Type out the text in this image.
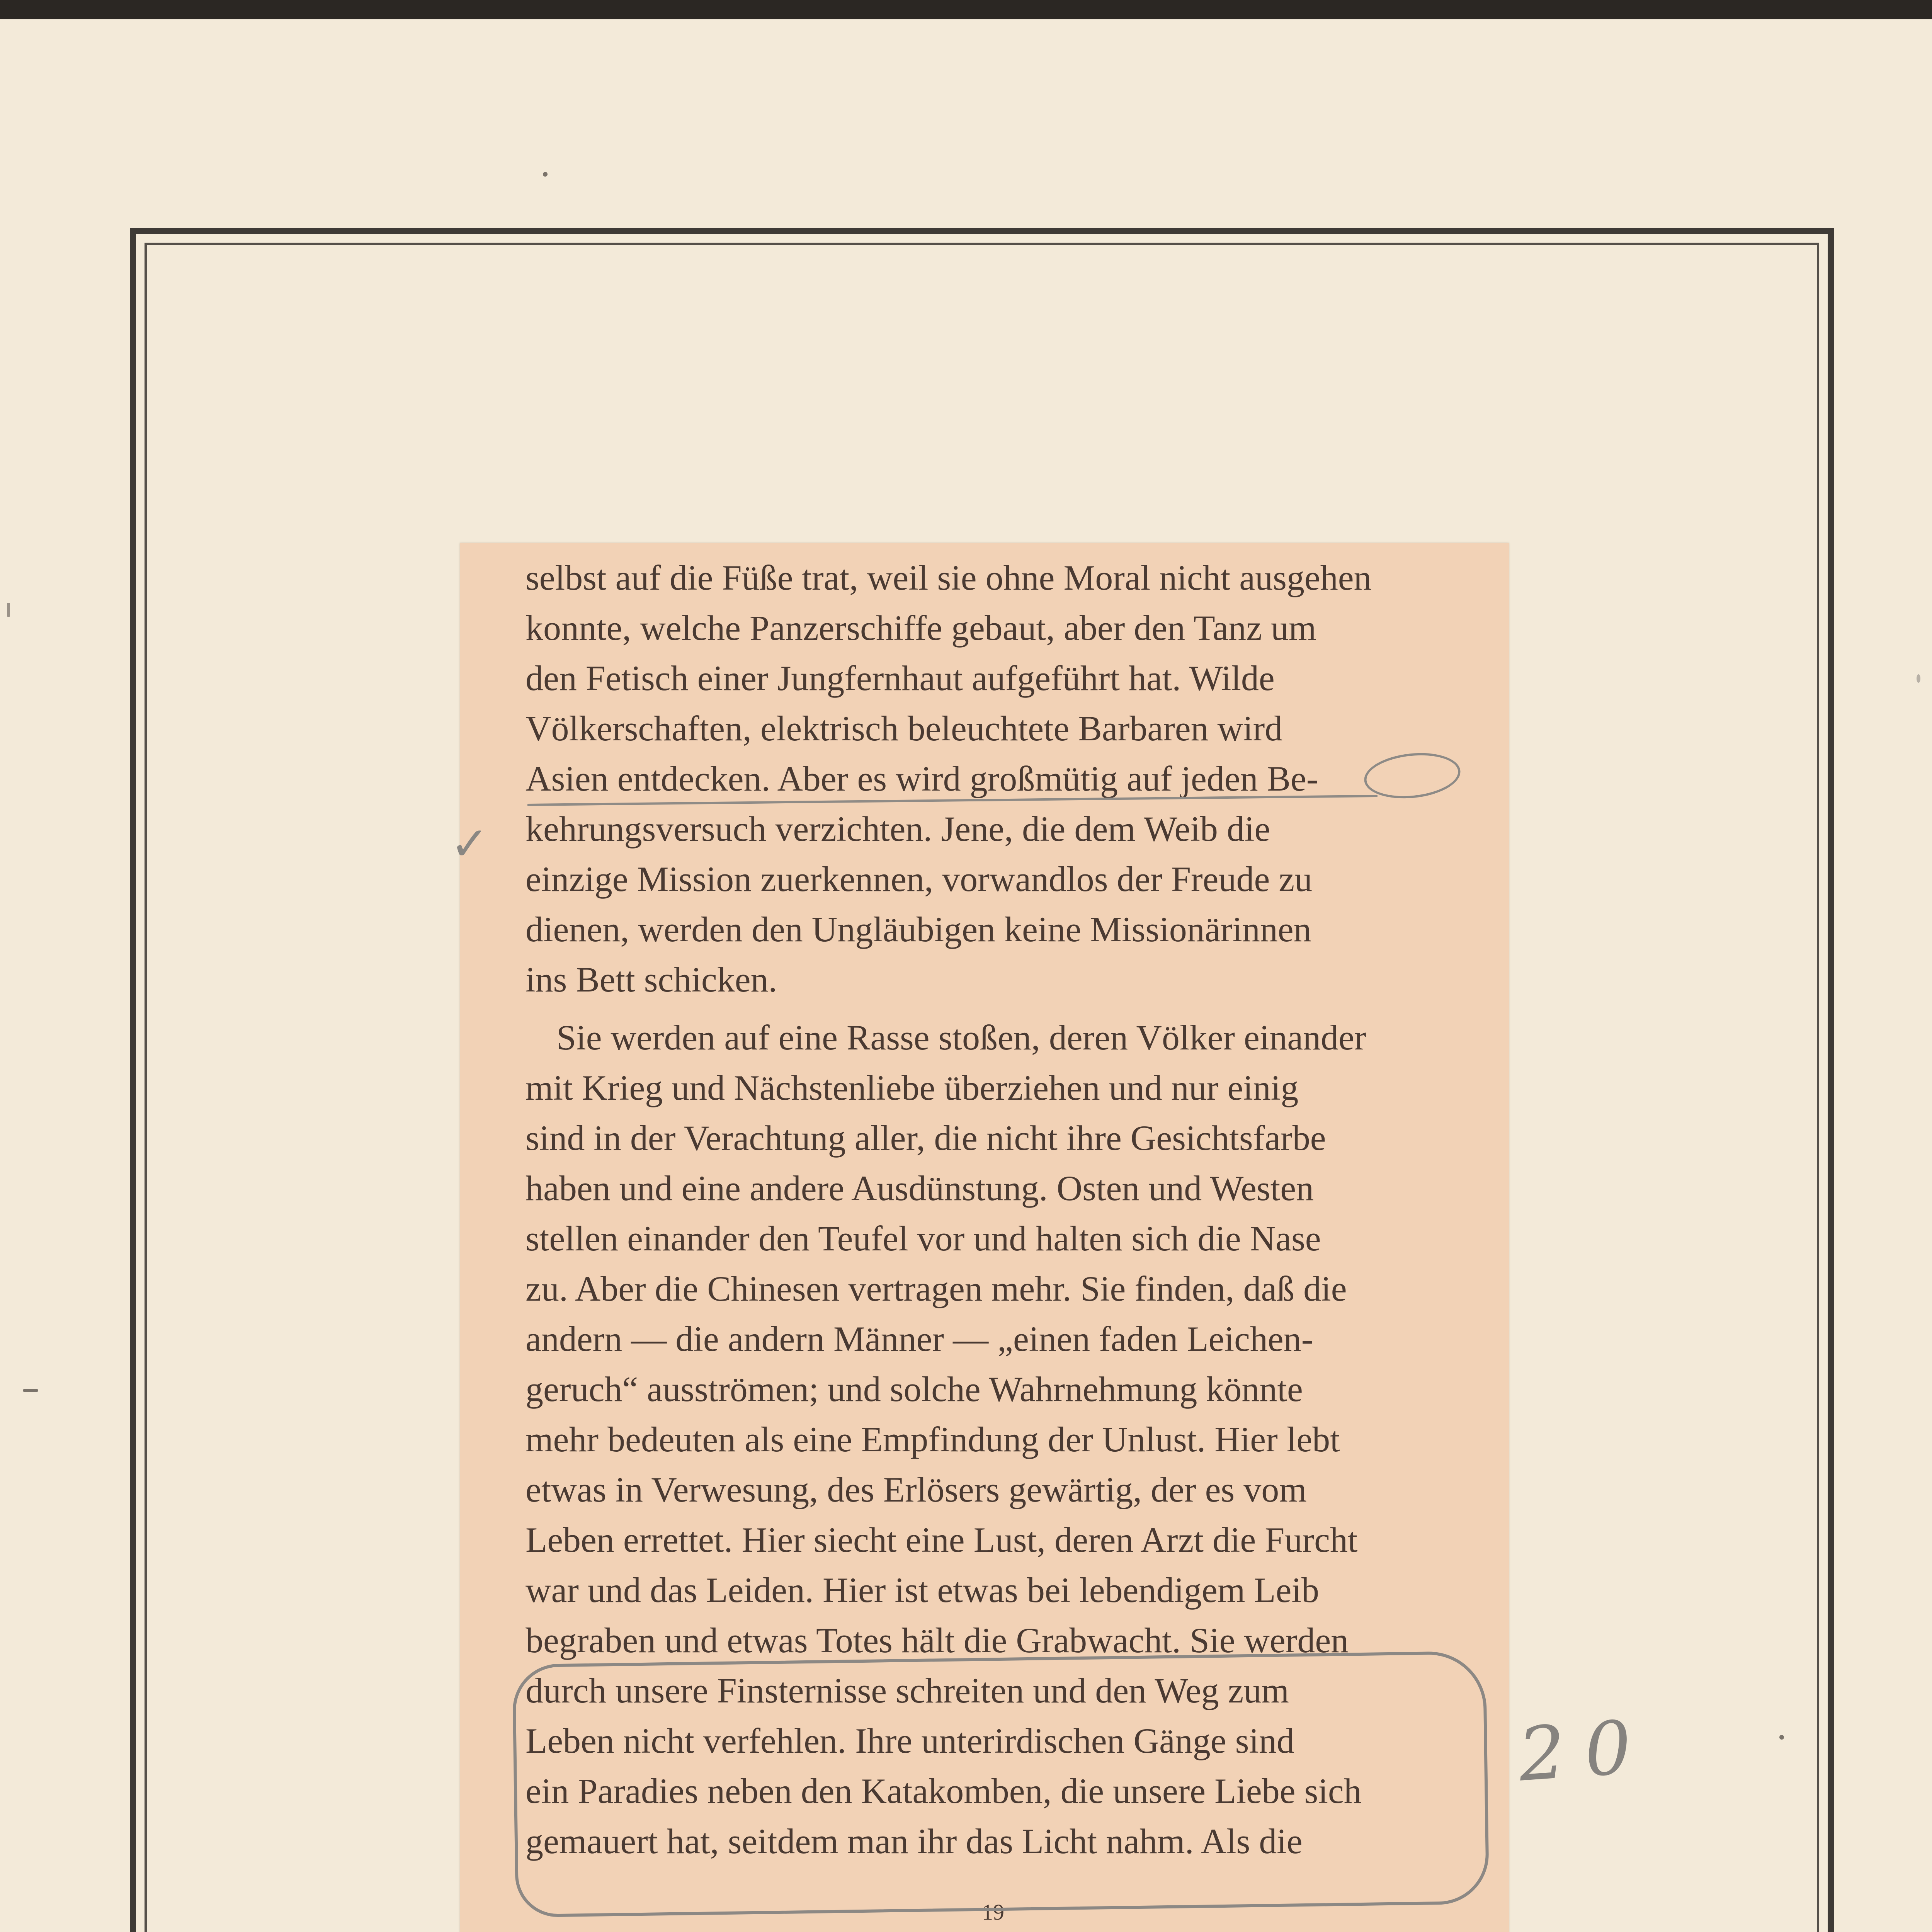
selbst auf die Füße trat, weil sie ohne Moral nicht ausgehen
konnte, welche Panzerschiffe gebaut, aber den Tanz um
den Fetisch einer Jungfernhaut aufgeführt hat. Wilde
Völkerschaften, elektrisch beleuchtete Barbaren wird
Asien entdecken. Aber es wird großmütig auf jeden Be-
kehrungsversuch verzichten. Jene, die dem Weib die
einzige Mission zuerkennen, vorwandlos der Freude zu
dienen, werden den Ungläubigen keine Missionärinnen
ins Bett schicken.

Sie werden auf eine Rasse stoßen, deren Völker einander
mit Krieg und Nächstenliebe überziehen und nur einig
sind in der Verachtung aller, die nicht ihre Gesichtsfarbe
haben und eine andere Ausdünstung. Osten und Westen
stellen einander den Teufel vor und halten sich die Nase
zu. Aber die Chinesen vertragen mehr. Sie finden, daß die
andern — die andern Männer — „einen faden Leichen-
geruch“ ausströmen; und solche Wahrnehmung könnte
mehr bedeuten als eine Empfindung der Unlust. Hier lebt
etwas in Verwesung, des Erlösers gewärtig, der es vom
Leben errettet. Hier siecht eine Lust, deren Arzt die Furcht
war und das Leiden. Hier ist etwas bei lebendigem Leib
begraben und etwas Totes hält die Grabwacht. Sie werden
durch unsere Finsternisse schreiten und den Weg zum
Leben nicht verfehlen. Ihre unterirdischen Gänge sind
ein Paradies neben den Katakomben, die unsere Liebe sich
gemauert hat, seitdem man ihr das Licht nahm. Als die

19
✓
20
